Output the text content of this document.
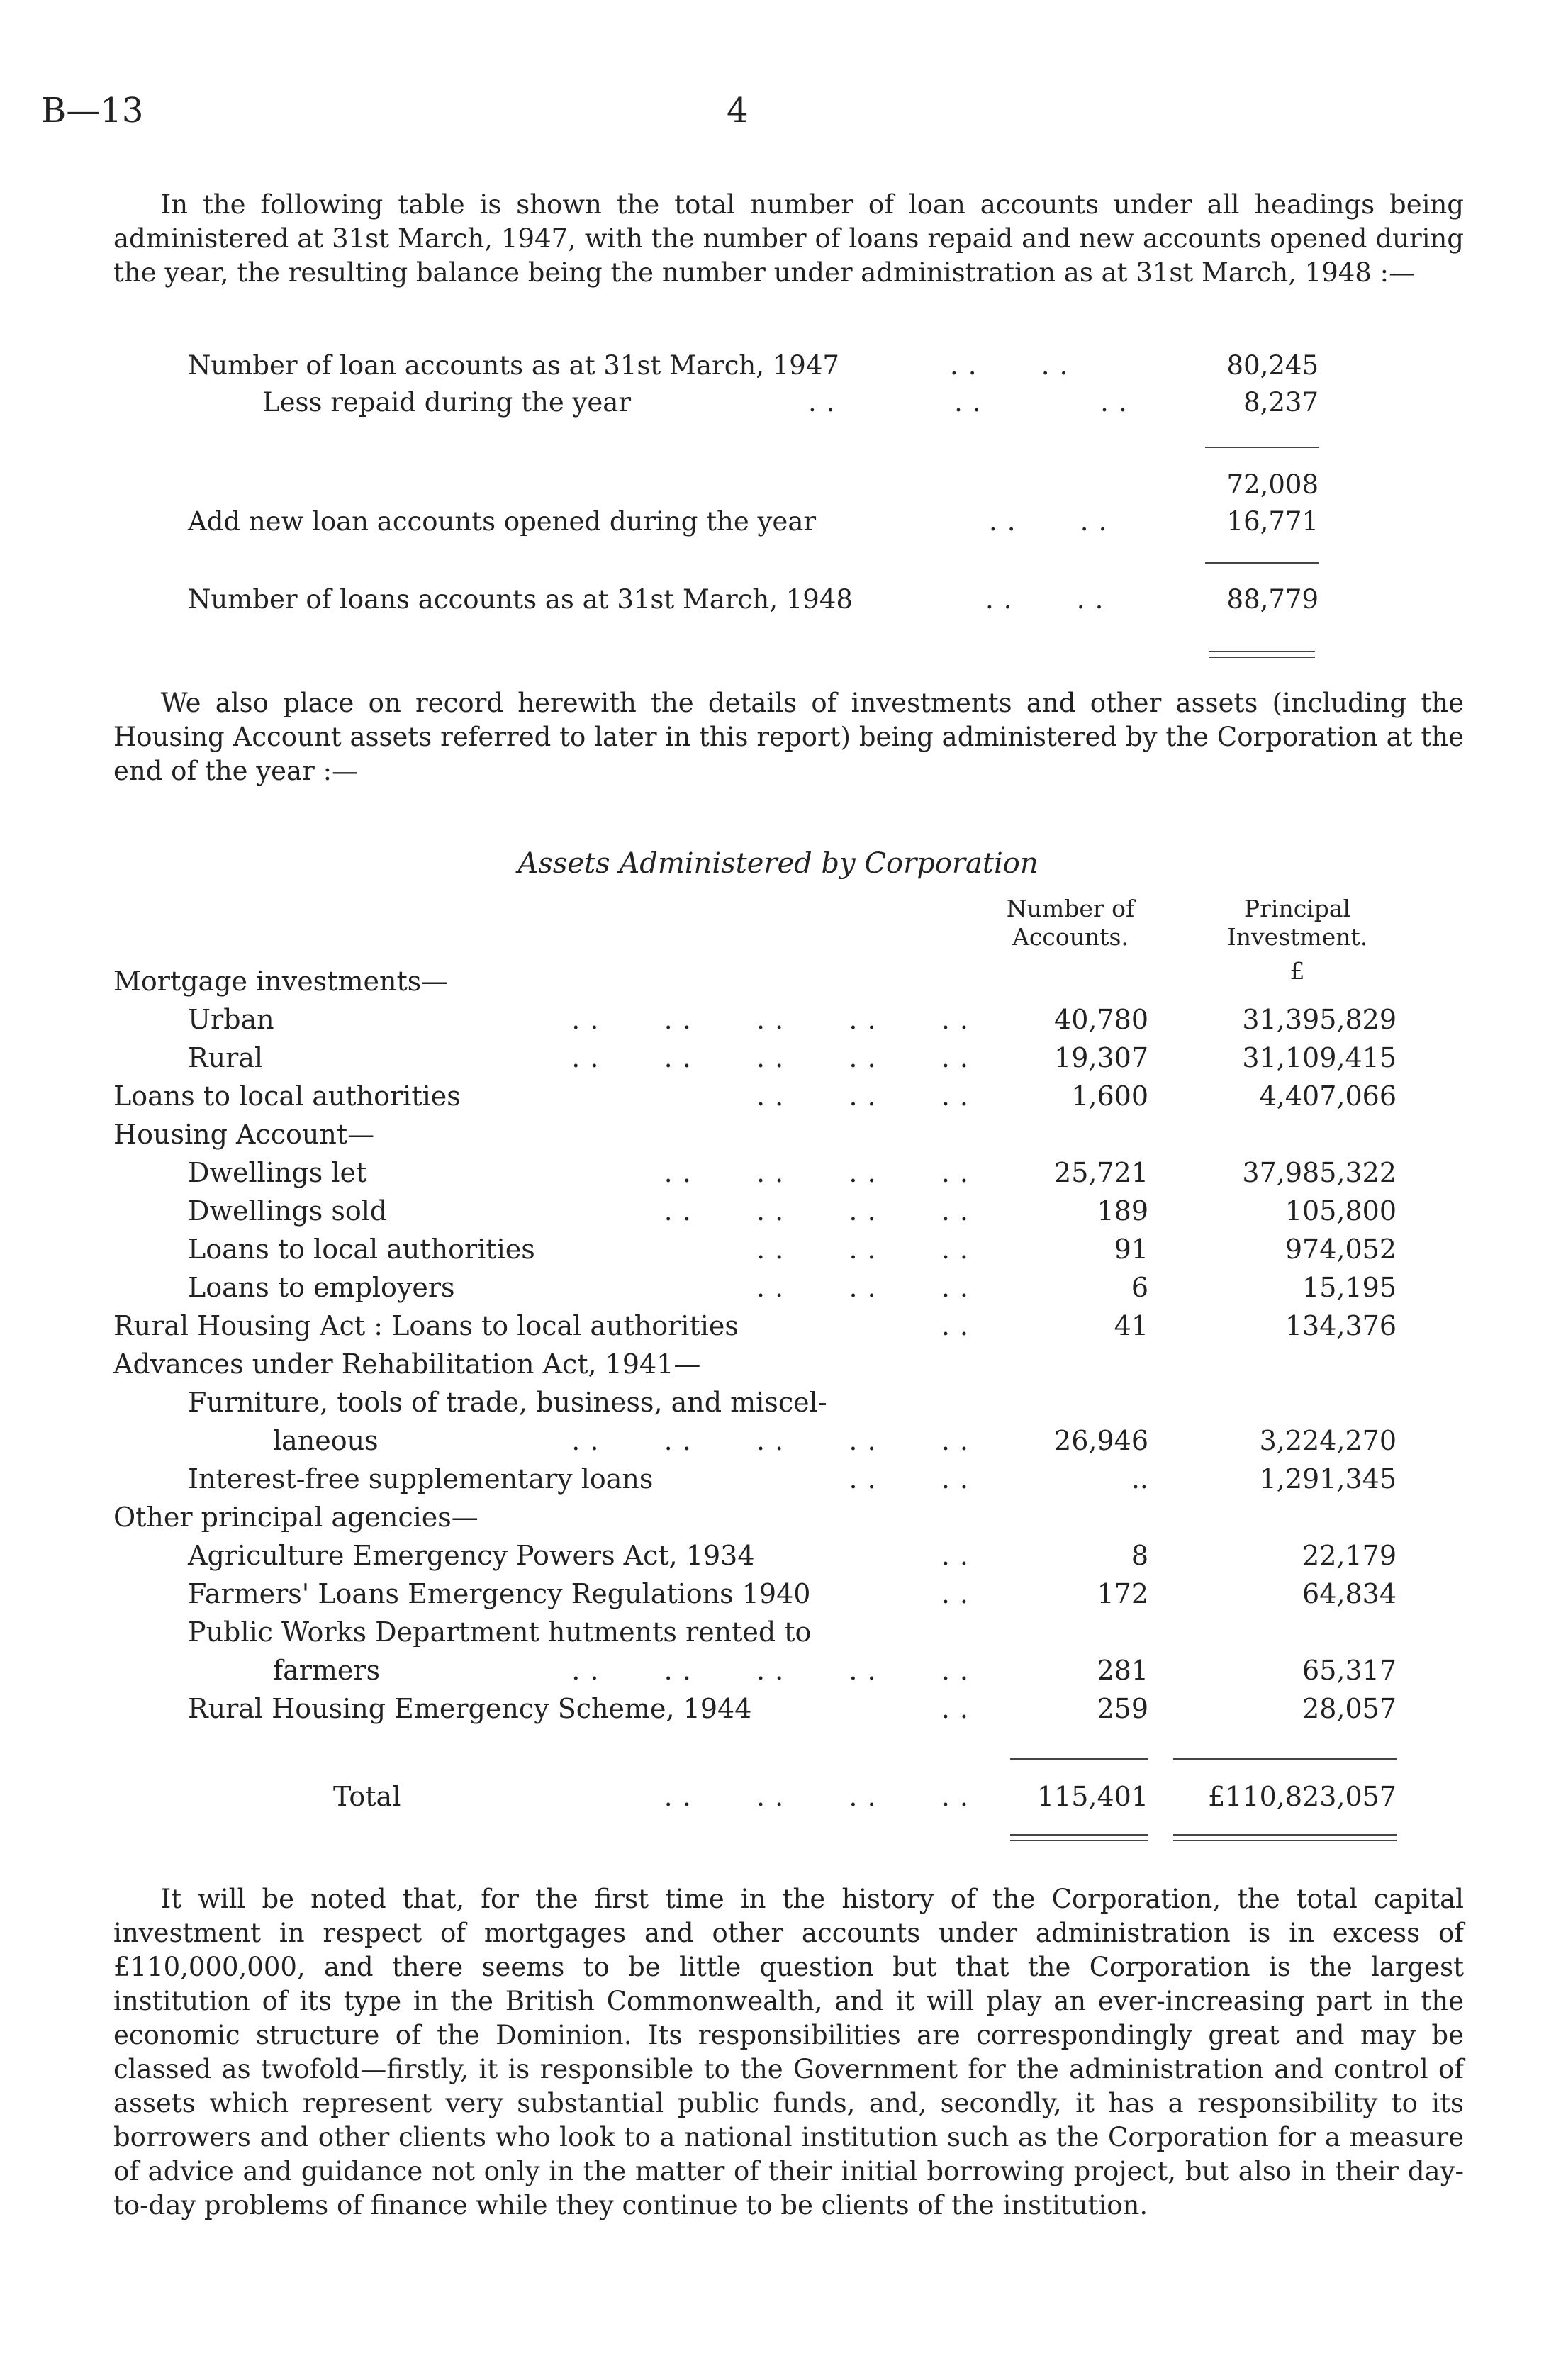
B—13	4

In the following table is shown the total number of loan accounts under all headings being administered at 31st March, 1947, with the number of loans repaid and new accounts opened during the year, the resulting balance being the number under administration as at 31st March, 1948 :—

Number of loan accounts as at 31st March, 1947	..   ..	80,245
Less repaid during the year	..      ..      ..	8,237
72,008
Add new loan accounts opened during the year	..   ..	16,771
Number of loans accounts as at 31st March, 1948	..   ..	88,779

We also place on record herewith the details of investments and other assets (including the Housing Account assets referred to later in this report) being administered by the Corporation at the end of the year :—

Assets Administered by Corporation
Number of Accounts.
Principal Investment.
£
Mortgage investments—
Urban	..   ..   ..   ..   ..	40,780	31,395,829
Rural	..   ..   ..   ..   ..	19,307	31,109,415
Loans to local authorities	..   ..   ..	1,600	4,407,066
Housing Account—
Dwellings let	..   ..   ..   ..	25,721	37,985,322
Dwellings sold	..   ..   ..   ..	189	105,800
Loans to local authorities	..   ..   ..	91	974,052
Loans to employers	..   ..   ..	6	15,195
Rural Housing Act : Loans to local authorities	..	41	134,376
Advances under Rehabilitation Act, 1941—
Furniture, tools of trade, business, and miscel-
laneous	..   ..   ..   ..   ..	26,946	3,224,270
Interest-free supplementary loans	..   ..	..	1,291,345
Other principal agencies—
Agriculture Emergency Powers Act, 1934	..	8	22,179
Farmers' Loans Emergency Regulations 1940	..	172	64,834
Public Works Department hutments rented to
farmers	..   ..   ..   ..   ..	281	65,317
Rural Housing Emergency Scheme, 1944	..	259	28,057
Total	..   ..   ..   ..	115,401	£110,823,057

It will be noted that, for the first time in the history of the Corporation, the total capital investment in respect of mortgages and other accounts under administration is in excess of £110,000,000, and there seems to be little question but that the Corporation is the largest institution of its type in the British Commonwealth, and it will play an ever-increasing part in the economic structure of the Dominion. Its responsibilities are correspondingly great and may be classed as twofold—firstly, it is responsible to the Government for the administration and control of assets which represent very substantial public funds, and, secondly, it has a responsibility to its borrowers and other clients who look to a national institution such as the Corporation for a measure of advice and guidance not only in the matter of their initial borrowing project, but also in their day-to-day problems of finance while they continue to be clients of the institution.
